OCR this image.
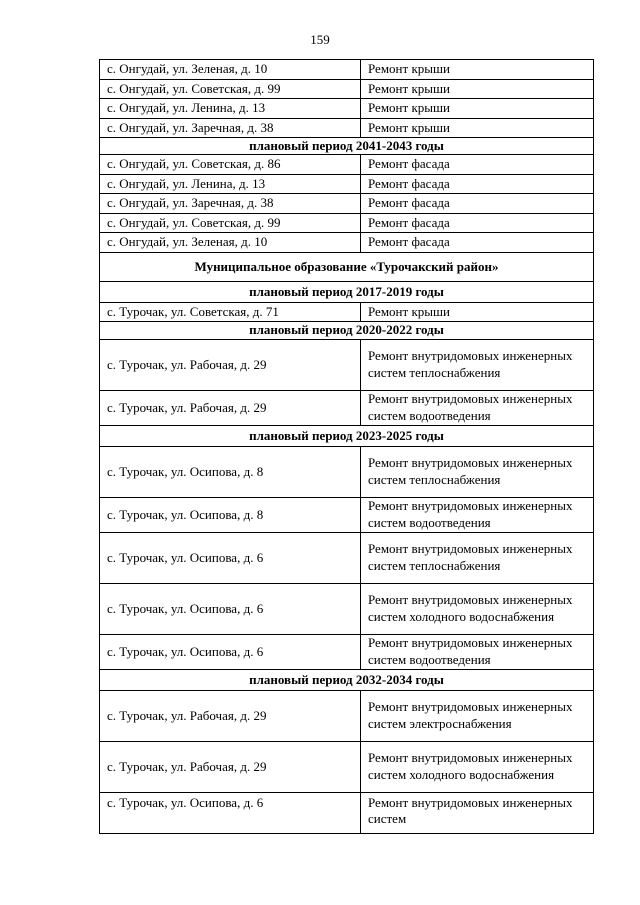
159
с. Онгудай, ул. Зеленая, д. 10	Ремонт крыши
с. Онгудай, ул. Советская, д. 99	Ремонт крыши
с. Онгудай, ул. Ленина, д. 13	Ремонт крыши
с. Онгудай, ул. Заречная, д. 38	Ремонт крыши
плановый период 2041-2043 годы	
с. Онгудай, ул. Советская, д. 86	Ремонт фасада
с. Онгудай, ул. Ленина, д. 13	Ремонт фасада
с. Онгудай, ул. Заречная, д. 38	Ремонт фасада
с. Онгудай, ул. Советская, д. 99	Ремонт фасада
с. Онгудай, ул. Зеленая, д. 10	Ремонт фасада
Муниципальное образование «Турочакский район»	
плановый период 2017-2019 годы	
с. Турочак, ул. Советская, д. 71	Ремонт крыши
плановый период 2020-2022 годы	
с. Турочак, ул. Рабочая, д. 29	Ремонт внутридомовых инженерных систем теплоснабжения
с. Турочак, ул. Рабочая, д. 29	Ремонт внутридомовых инженерных систем водоотведения
плановый период 2023-2025 годы	
с. Турочак, ул. Осипова, д. 8	Ремонт внутридомовых инженерных систем теплоснабжения
с. Турочак, ул. Осипова, д. 8	Ремонт внутридомовых инженерных систем водоотведения
с. Турочак, ул. Осипова, д. 6	Ремонт внутридомовых инженерных систем теплоснабжения
с. Турочак, ул. Осипова, д. 6	Ремонт внутридомовых инженерных систем холодного водоснабжения
с. Турочак, ул. Осипова, д. 6	Ремонт внутридомовых инженерных систем водоотведения
плановый период 2032-2034 годы	
с. Турочак, ул. Рабочая, д. 29	Ремонт внутридомовых инженерных систем электроснабжения
с. Турочак, ул. Рабочая, д. 29	Ремонт внутридомовых инженерных систем холодного водоснабжения
с. Турочак, ул. Осипова, д. 6	Ремонт внутридомовых инженерных систем
